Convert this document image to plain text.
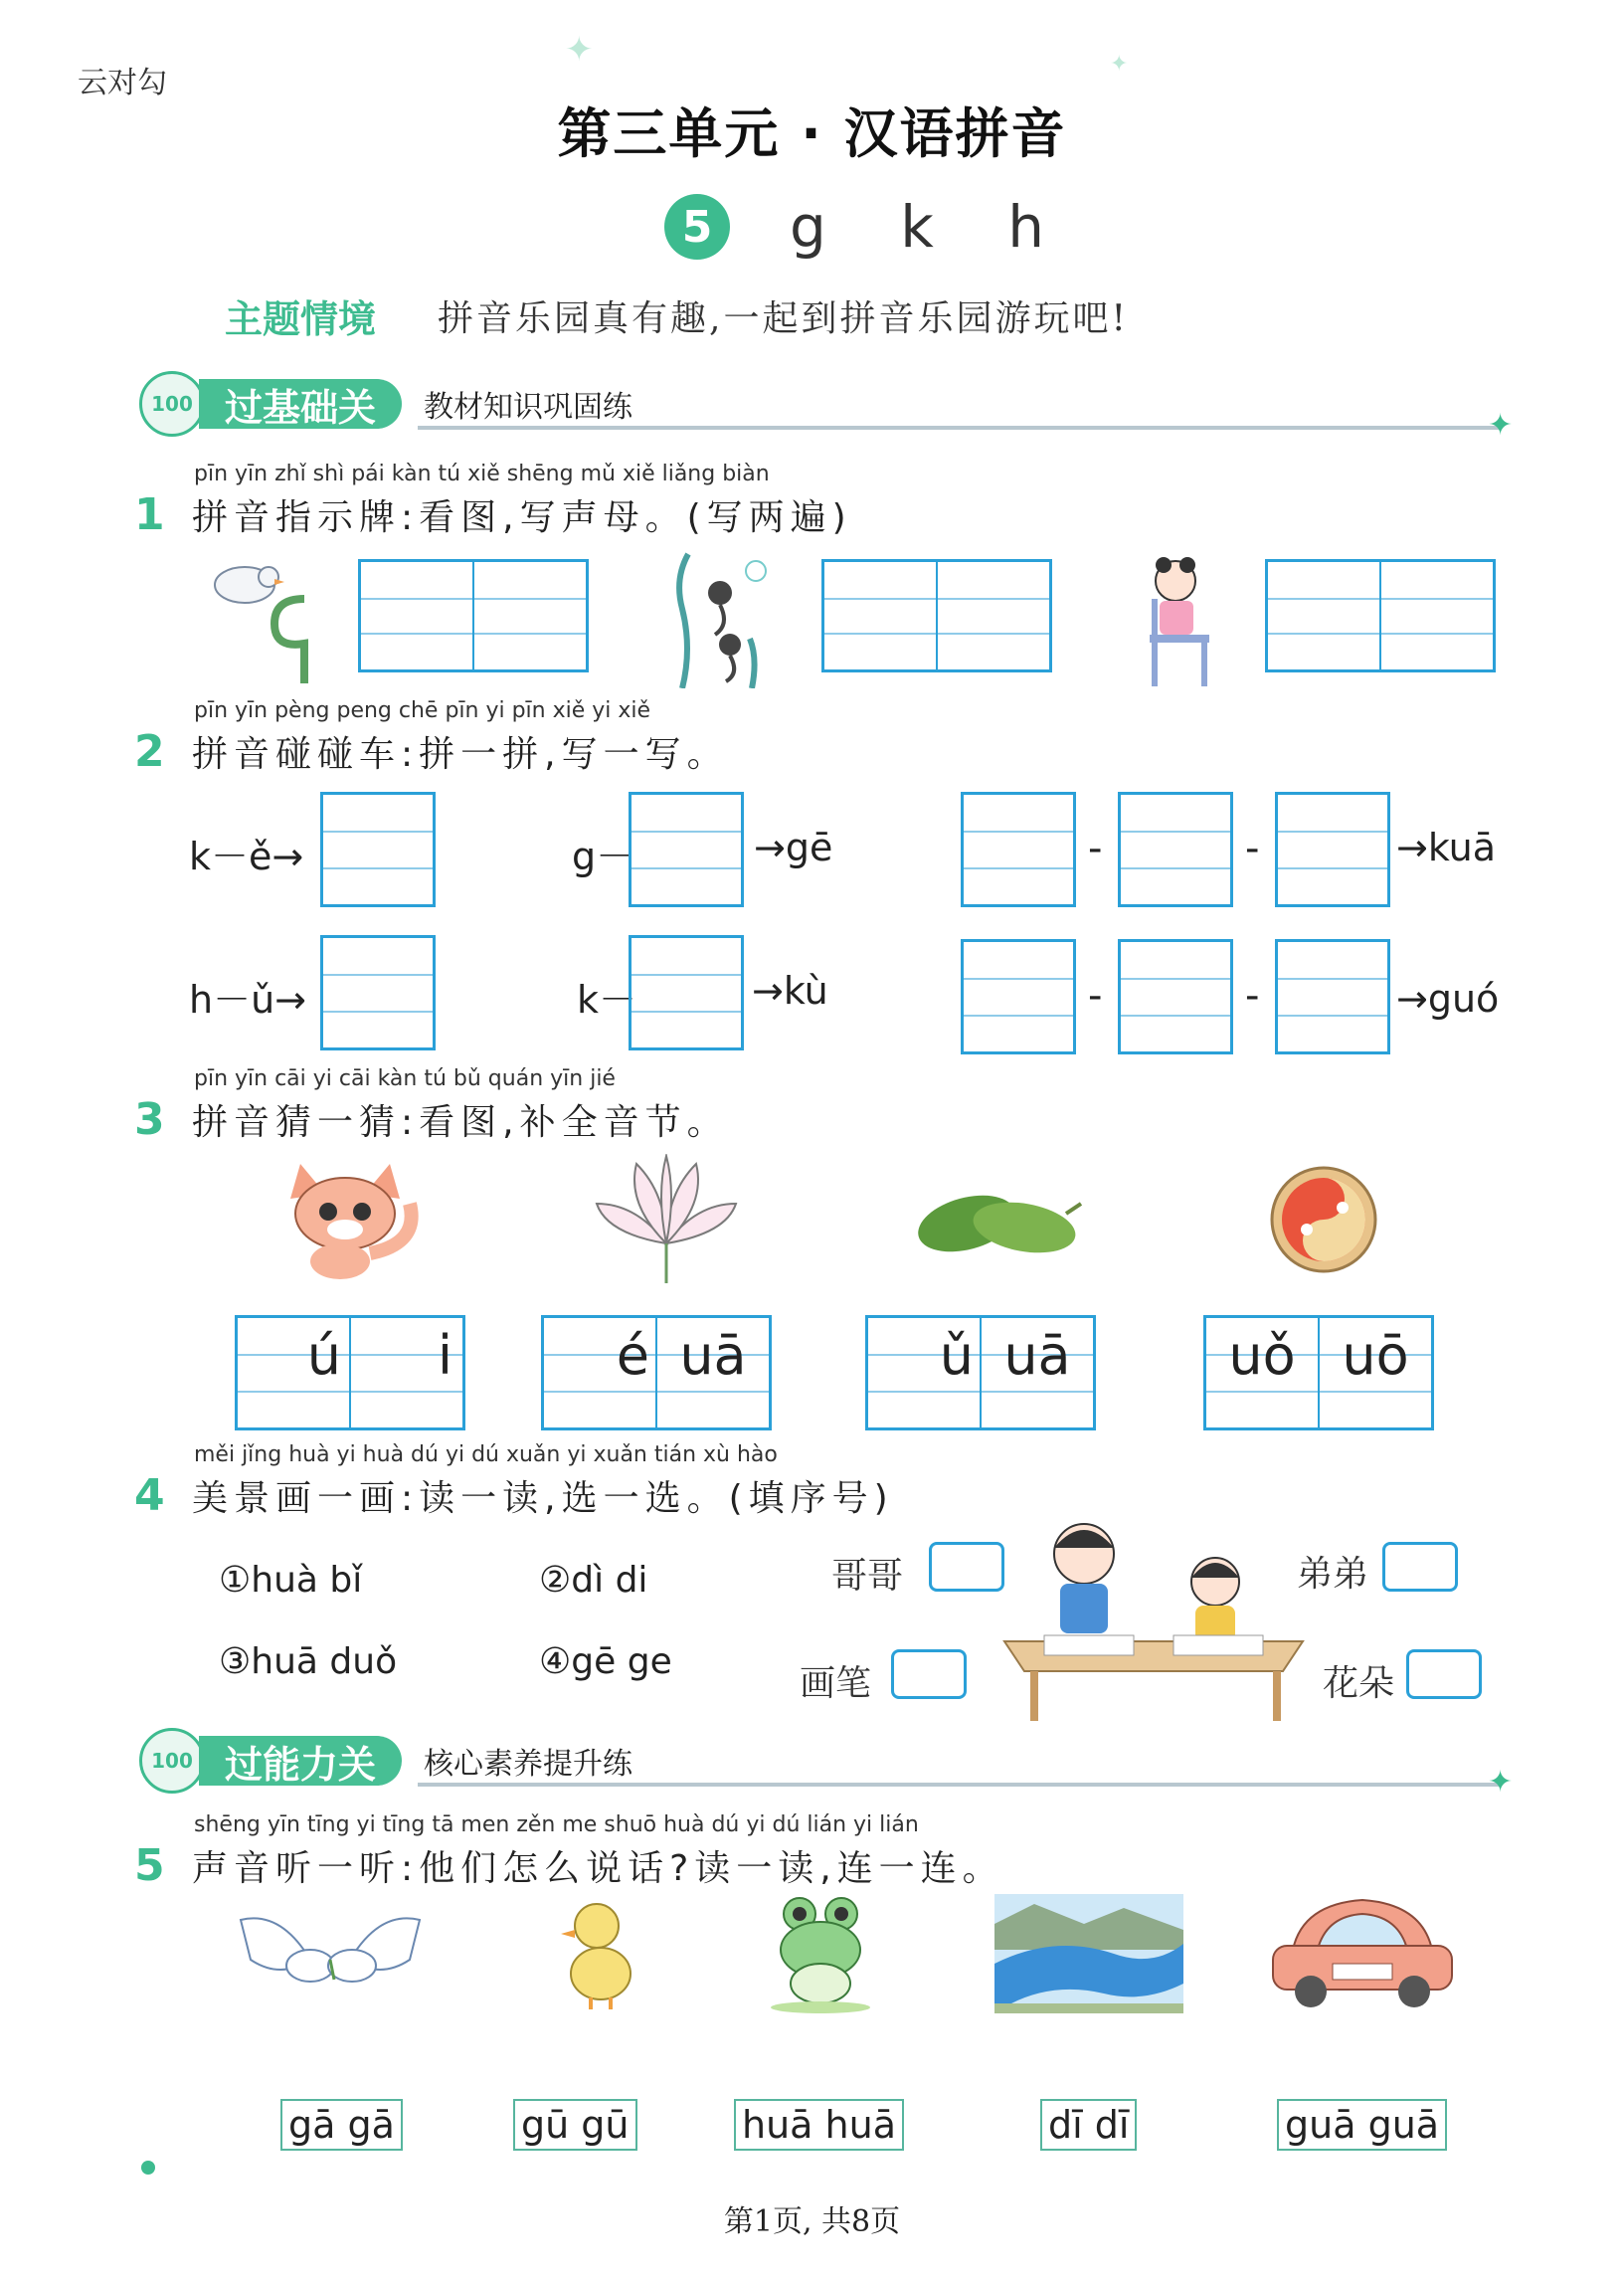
云对勾
✦	✦
第三单元 · 汉语拼音
5	g k h
主题情境 拼音乐园真有趣,一起到拼音乐园游玩吧!
100 过基础关	教材知识巩固练
✦
pīn yīn zhǐ shì pái kàn tú xiě shēng mǔ xiě liǎng biàn
1 拼音指示牌:看图,写声母。(写两遍)
pīn yīn pèng peng chē pīn yi pīn xiě yi xiě
2 拼音碰碰车:拼一拼,写一写。
k－ě→	g－	→gē	-	-	→kuā
h－ǔ→	k－	→kù	-	-	→guó
pīn yīn cāi yi cāi kàn tú bǔ quán yīn jié
3 拼音猜一猜:看图,补全音节。
ú	i	é uā	ǔ uā	uǒ uō
měi jǐng huà yi huà dú yi dú xuǎn yi xuǎn tián xù hào
4 美景画一画:读一读,选一选。(填序号)
①huà bǐ	②dì di
③huā duǒ	④gē ge
哥哥	弟弟
画笔	花朵
100 过能力关	核心素养提升练
✦
shēng yīn tīng yi tīng tā men zěn me shuō huà dú yi dú lián yi lián
5 声音听一听:他们怎么说话?读一读,连一连。
gā gā	gū gū	huā huā	dī dī	guā guā
第1页, 共8页
